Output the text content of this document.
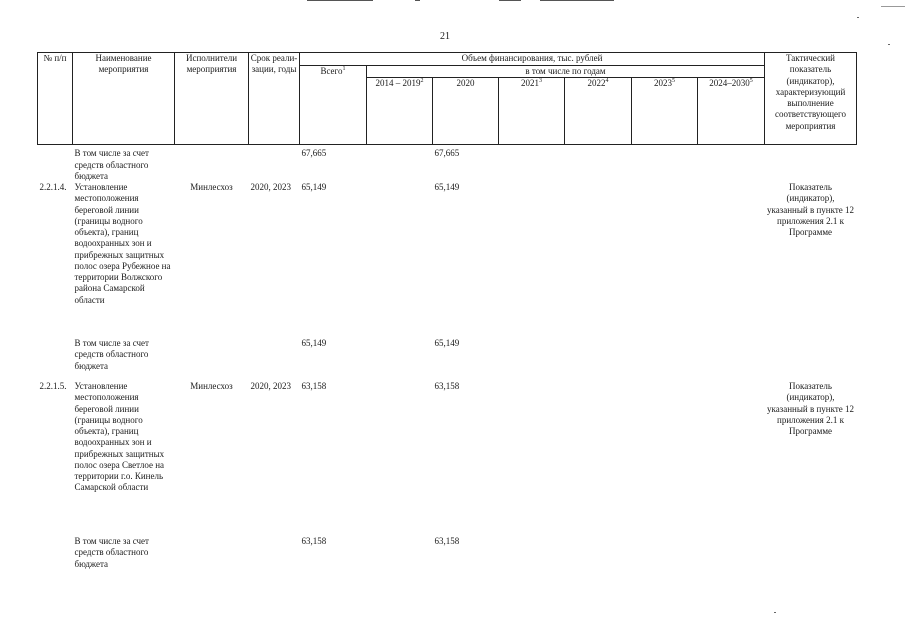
21
№ п/п	Наименование мероприятия	Исполнители мероприятия	Срок реали-зации, годы	Объем финансирования, тыс. рублей							Тактический показатель (индикатор), характеризующий выполнение соответствующего мероприятия
				Всего$^1$	в том числе по годам						
					2014 – 2019$^2$	2020	2021$^3$	2022$^4$	2023$^5$	2024–2030$^5$
	В том числе за счет средств областного бюджета			67,665		67,665					
2.2.1.4.	Установление местоположения береговой линии (границы водного объекта), границ водоохранных зон и прибрежных защитных полос озера Рубежное на территории Волжского района Самарской области	Минлесхоз	2020, 2023	65,149		65,149					Показатель (индикатор), указанный в пункте 12 приложения 2.1 к Программе
	В том числе за счет средств областного бюджета			65,149		65,149					
2.2.1.5.	Установление местоположения береговой линии (границы водного объекта), границ водоохранных зон и прибрежных защитных полос озера Светлое на территории г.о. Кинель Самарской области	Минлесхоз	2020, 2023	63,158		63,158					Показатель (индикатор), указанный в пункте 12 приложения 2.1 к Программе
	В том числе за счет средств областного бюджета			63,158		63,158					
